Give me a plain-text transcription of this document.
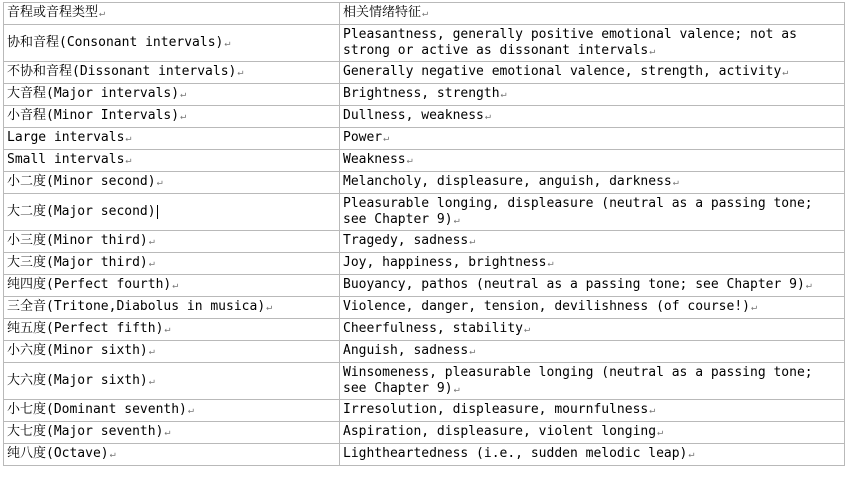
音程或音程类型↵	相关情绪特征↵
协和音程(Consonant intervals)↵	Pleasantness, generally positive emotional valence; not as strong or active as dissonant intervals↵
不协和音程(Dissonant intervals)↵	Generally negative emotional valence, strength, activity↵
大音程(Major intervals)↵	Brightness, strength↵
小音程(Minor Intervals)↵	Dullness, weakness↵
Large intervals↵	Power↵
Small intervals↵	Weakness↵
小二度(Minor second)↵	Melancholy, displeasure, anguish, darkness↵
大二度(Major second)	Pleasurable longing, displeasure (neutral as a passing tone; see Chapter 9)↵
小三度(Minor third)↵	Tragedy, sadness↵
大三度(Major third)↵	Joy, happiness, brightness↵
纯四度(Perfect fourth)↵	Buoyancy, pathos (neutral as a passing tone; see Chapter 9)↵
三全音(Tritone,Diabolus in musica)↵	Violence, danger, tension, devilishness (of course!)↵
纯五度(Perfect fifth)↵	Cheerfulness, stability↵
小六度(Minor sixth)↵	Anguish, sadness↵
大六度(Major sixth)↵	Winsomeness, pleasurable longing (neutral as a passing tone; see Chapter 9)↵
小七度(Dominant seventh)↵	Irresolution, displeasure, mournfulness↵
大七度(Major seventh)↵	Aspiration, displeasure, violent longing↵
纯八度(Octave)↵	Lightheartedness (i.e., sudden melodic leap)↵
